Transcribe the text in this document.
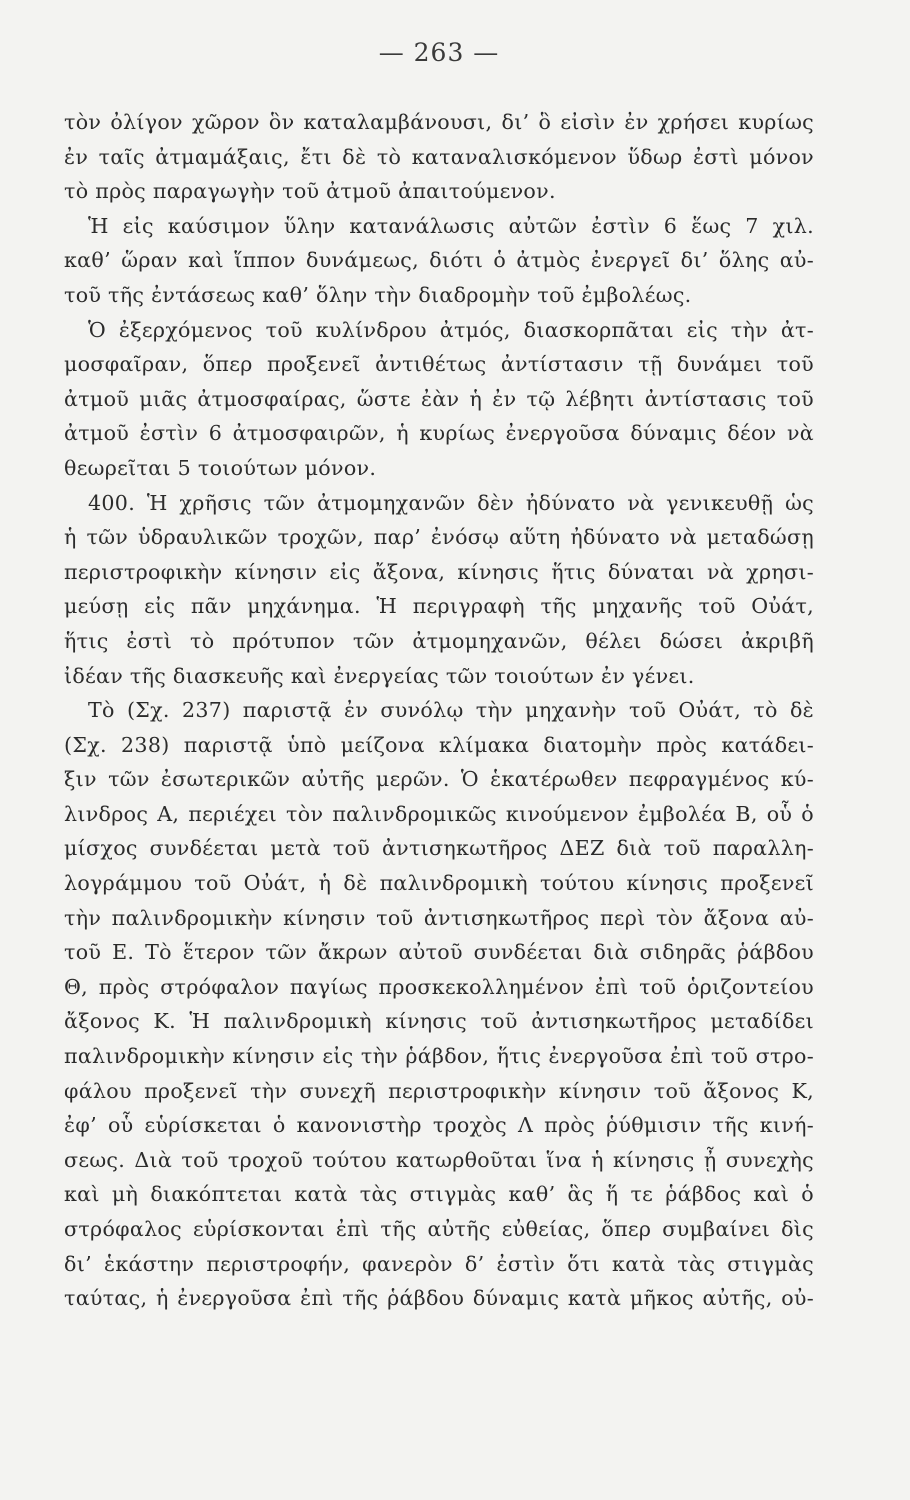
— 263 —
τὸν ὀλίγον χῶρον ὃν καταλαμβάνουσι, δι’ ὃ εἰσὶν ἐν χρήσει κυρίως
ἐν ταῖς ἀτμαμάξαις, ἔτι δὲ τὸ καταναλισκόμενον ὕδωρ ἐστὶ μόνον
τὸ πρὸς παραγωγὴν τοῦ ἀτμοῦ ἀπαιτούμενον.
Ἡ εἰς καύσιμον ὕλην κατανάλωσις αὐτῶν ἐστὶν 6 ἕως 7 χιλ.
καθ’ ὥραν καὶ ἵππον δυνάμεως, διότι ὁ ἀτμὸς ἐνεργεῖ δι’ ὅλης αὐ-
τοῦ τῆς ἐντάσεως καθ’ ὅλην τὴν διαδρομὴν τοῦ ἐμβολέως.
Ὁ ἐξερχόμενος τοῦ κυλίνδρου ἀτμός, διασκορπᾶται εἰς τὴν ἀτ-
μοσφαῖραν, ὅπερ προξενεῖ ἀντιθέτως ἀντίστασιν τῇ δυνάμει τοῦ
ἀτμοῦ μιᾶς ἀτμοσφαίρας, ὥστε ἐὰν ἡ ἐν τῷ λέβητι ἀντίστασις τοῦ
ἀτμοῦ ἐστὶν 6 ἀτμοσφαιρῶν, ἡ κυρίως ἐνεργοῦσα δύναμις δέον νὰ
θεωρεῖται 5 τοιούτων μόνον.
400. Ἡ χρῆσις τῶν ἀτμομηχανῶν δὲν ἠδύνατο νὰ γενικευθῇ ὡς
ἡ τῶν ὑδραυλικῶν τροχῶν, παρ’ ἐνόσῳ αὕτη ἠδύνατο νὰ μεταδώσῃ
περιστροφικὴν κίνησιν εἰς ἄξονα, κίνησις ἥτις δύναται νὰ χρησι-
μεύσῃ εἰς πᾶν μηχάνημα. Ἡ περιγραφὴ τῆς μηχανῆς τοῦ Οὐάτ,
ἥτις ἐστὶ τὸ πρότυπον τῶν ἀτμομηχανῶν, θέλει δώσει ἀκριβῆ
ἰδέαν τῆς διασκευῆς καὶ ἐνεργείας τῶν τοιούτων ἐν γένει.
Τὸ (Σχ. 237) παριστᾷ ἐν συνόλῳ τὴν μηχανὴν τοῦ Οὐάτ, τὸ δὲ
(Σχ. 238) παριστᾷ ὑπὸ μείζονα κλίμακα διατομὴν πρὸς κατάδει-
ξιν τῶν ἐσωτερικῶν αὐτῆς μερῶν. Ὁ ἑκατέρωθεν πεφραγμένος κύ-
λινδρος Α, περιέχει τὸν παλινδρομικῶς κινούμενον ἐμβολέα Β, οὗ ὁ
μίσχος συνδέεται μετὰ τοῦ ἀντισηκωτῆρος ΔΕΖ διὰ τοῦ παραλλη-
λογράμμου τοῦ Οὐάτ, ἡ δὲ παλινδρομικὴ τούτου κίνησις προξενεῖ
τὴν παλινδρομικὴν κίνησιν τοῦ ἀντισηκωτῆρος περὶ τὸν ἄξονα αὐ-
τοῦ Ε. Τὸ ἕτερον τῶν ἄκρων αὐτοῦ συνδέεται διὰ σιδηρᾶς ῥάβδου
Θ, πρὸς στρόφαλον παγίως προσκεκολλημένον ἐπὶ τοῦ ὁριζοντείου
ἄξονος Κ. Ἡ παλινδρομικὴ κίνησις τοῦ ἀντισηκωτῆρος μεταδίδει
παλινδρομικὴν κίνησιν εἰς τὴν ῥάβδον, ἥτις ἐνεργοῦσα ἐπὶ τοῦ στρο-
φάλου προξενεῖ τὴν συνεχῆ περιστροφικὴν κίνησιν τοῦ ἄξονος Κ,
ἐφ’ οὗ εὑρίσκεται ὁ κανονιστὴρ τροχὸς Λ πρὸς ῥύθμισιν τῆς κινή-
σεως. Διὰ τοῦ τροχοῦ τούτου κατωρθοῦται ἵνα ἡ κίνησις ᾖ συνεχὴς
καὶ μὴ διακόπτεται κατὰ τὰς στιγμὰς καθ’ ἃς ἥ τε ῥάβδος καὶ ὁ
στρόφαλος εὑρίσκονται ἐπὶ τῆς αὐτῆς εὐθείας, ὅπερ συμβαίνει δὶς
δι’ ἑκάστην περιστροφήν, φανερὸν δ’ ἐστὶν ὅτι κατὰ τὰς στιγμὰς
ταύτας, ἡ ἐνεργοῦσα ἐπὶ τῆς ῥάβδου δύναμις κατὰ μῆκος αὐτῆς, οὐ-
